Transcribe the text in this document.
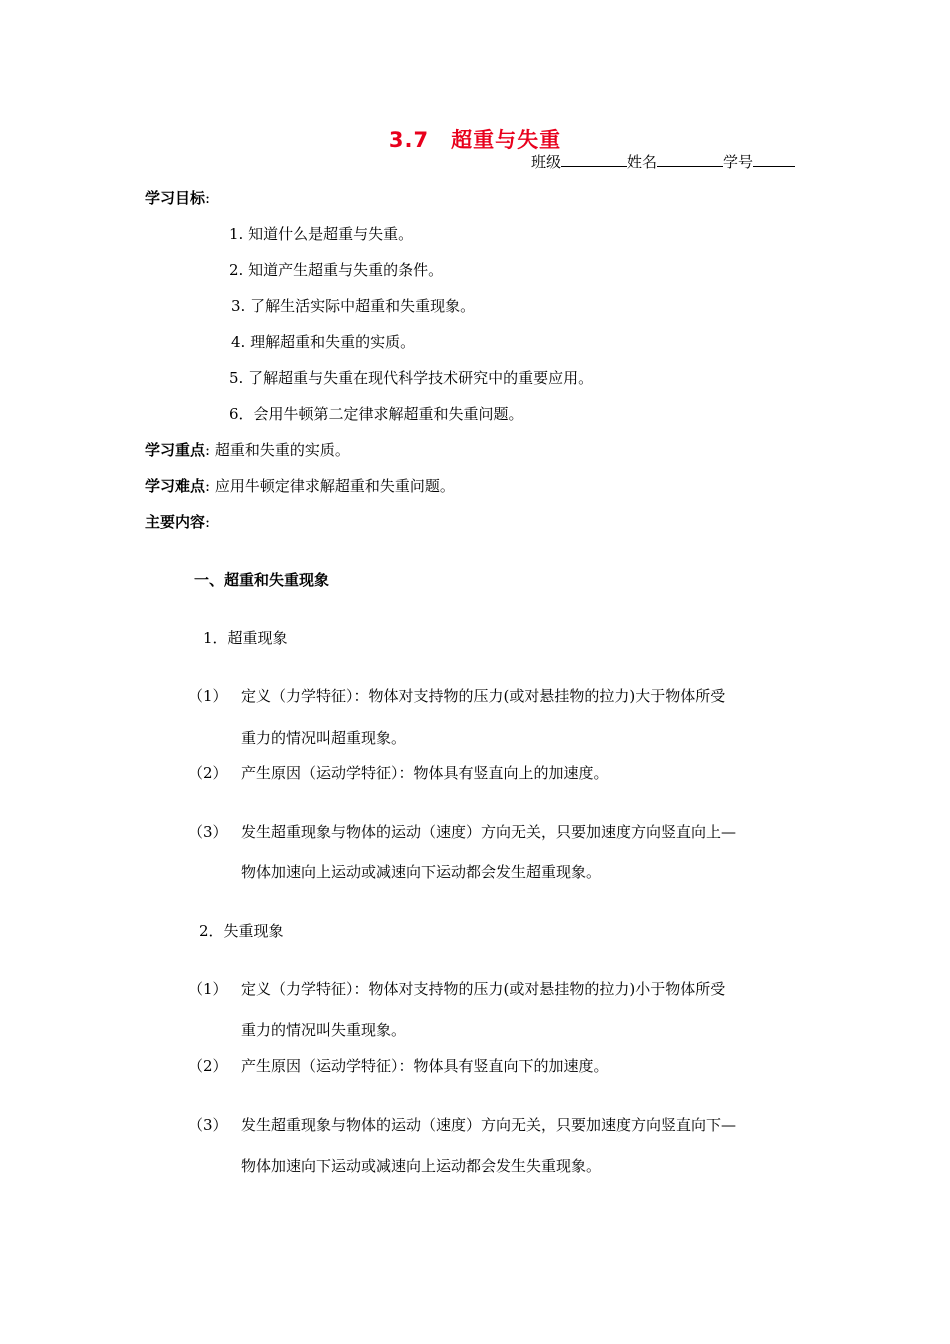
3.7　超重与失重
班级	姓名	学号
学习目标:
1. 知道什么是超重与失重。
2. 知道产生超重与失重的条件。
3. 了解生活实际中超重和失重现象。
4. 理解超重和失重的实质。
5. 了解超重与失重在现代科学技术研究中的重要应用。
6．会用牛顿第二定律求解超重和失重问题。
学习重点: 超重和失重的实质。
学习难点: 应用牛顿定律求解超重和失重问题。
主要内容:
一、超重和失重现象
1．超重现象
（1） 定义（力学特征）：物体对支持物的压力(或对悬挂物的拉力)大于物体所受
重力的情况叫超重现象。
（2） 产生原因（运动学特征）：物体具有竖直向上的加速度。
（3） 发生超重现象与物体的运动（速度）方向无关，只要加速度方向竖直向上—
物体加速向上运动或减速向下运动都会发生超重现象。
2．失重现象
（1） 定义（力学特征）：物体对支持物的压力(或对悬挂物的拉力)小于物体所受
重力的情况叫失重现象。
（2） 产生原因（运动学特征）：物体具有竖直向下的加速度。
（3） 发生超重现象与物体的运动（速度）方向无关，只要加速度方向竖直向下—
物体加速向下运动或减速向上运动都会发生失重现象。
